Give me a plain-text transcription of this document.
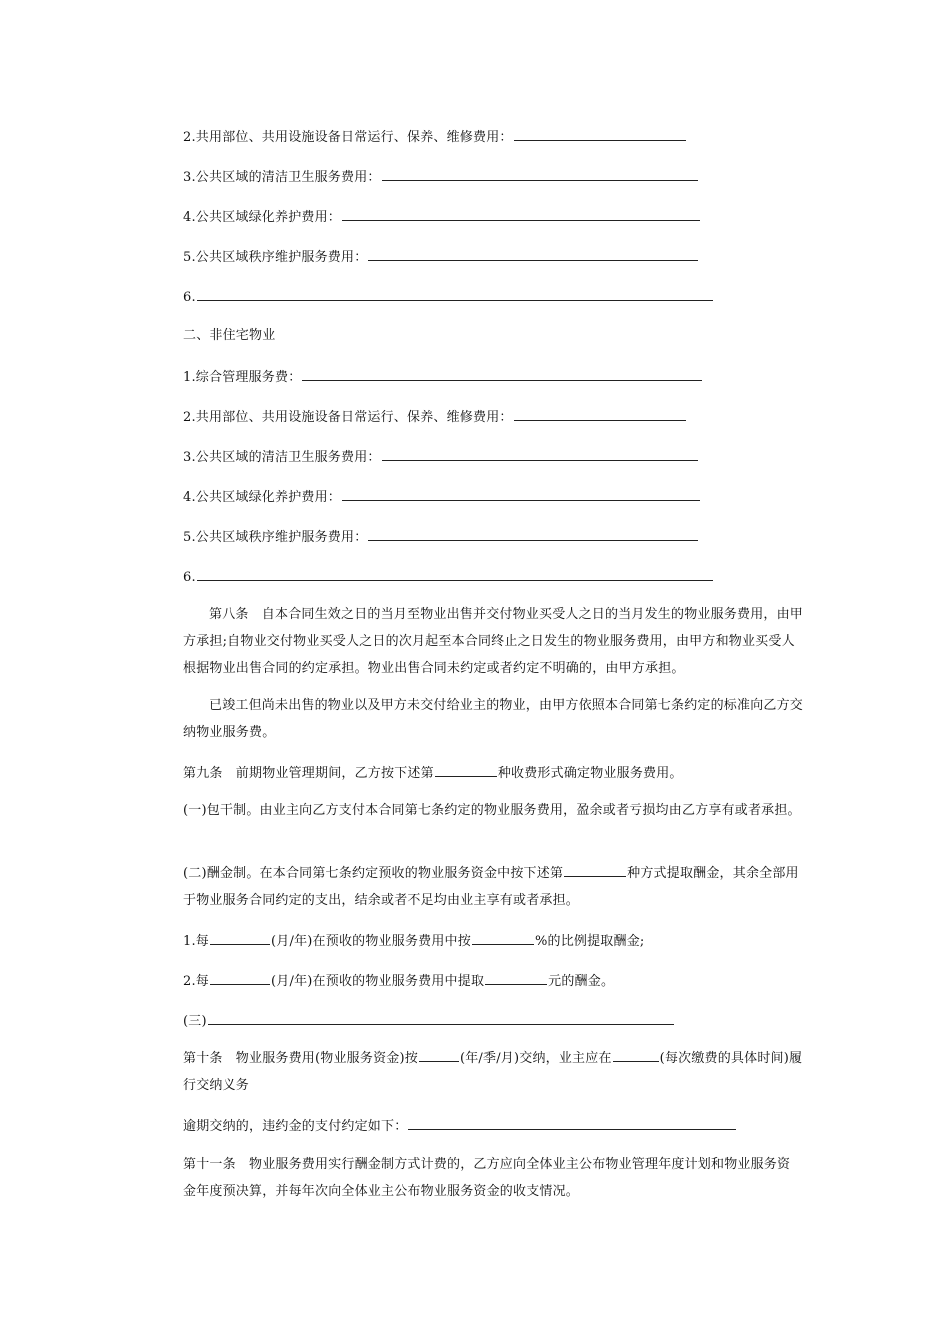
2.共用部位、共用设施设备日常运行、保养、维修费用：
3.公共区域的清洁卫生服务费用：
4.公共区域绿化养护费用：
5.公共区域秩序维护服务费用：
6.
二、非住宅物业
1.综合管理服务费：
2.共用部位、共用设施设备日常运行、保养、维修费用：
3.公共区域的清洁卫生服务费用：
4.公共区域绿化养护费用：
5.公共区域秩序维护服务费用：
6.
第八条　自本合同生效之日的当月至物业出售并交付物业买受人之日的当月发生的物业服务费用，由甲方承担;自物业交付物业买受人之日的次月起至本合同终止之日发生的物业服务费用，由甲方和物业买受人根据物业出售合同的约定承担。物业出售合同未约定或者约定不明确的，由甲方承担。
已竣工但尚未出售的物业以及甲方未交付给业主的物业，由甲方依照本合同第七条约定的标准向乙方交纳物业服务费。
第九条　前期物业管理期间，乙方按下述第	种收费形式确定物业服务费用。
(一)包干制。由业主向乙方支付本合同第七条约定的物业服务费用，盈余或者亏损均由乙方享有或者承担。
(二)酬金制。在本合同第七条约定预收的物业服务资金中按下述第	种方式提取酬金，其余全部用于物业服务合同约定的支出，结余或者不足均由业主享有或者承担。
1.每	(月/年)在预收的物业服务费用中按	%的比例提取酬金;
2.每	(月/年)在预收的物业服务费用中提取	元的酬金。
(三)
第十条　物业服务费用(物业服务资金)按	(年/季/月)交纳，业主应在	(每次缴费的具体时间)履行交纳义务
逾期交纳的，违约金的支付约定如下：
第十一条　物业服务费用实行酬金制方式计费的，乙方应向全体业主公布物业管理年度计划和物业服务资金年度预决算，并每年次向全体业主公布物业服务资金的收支情况。
